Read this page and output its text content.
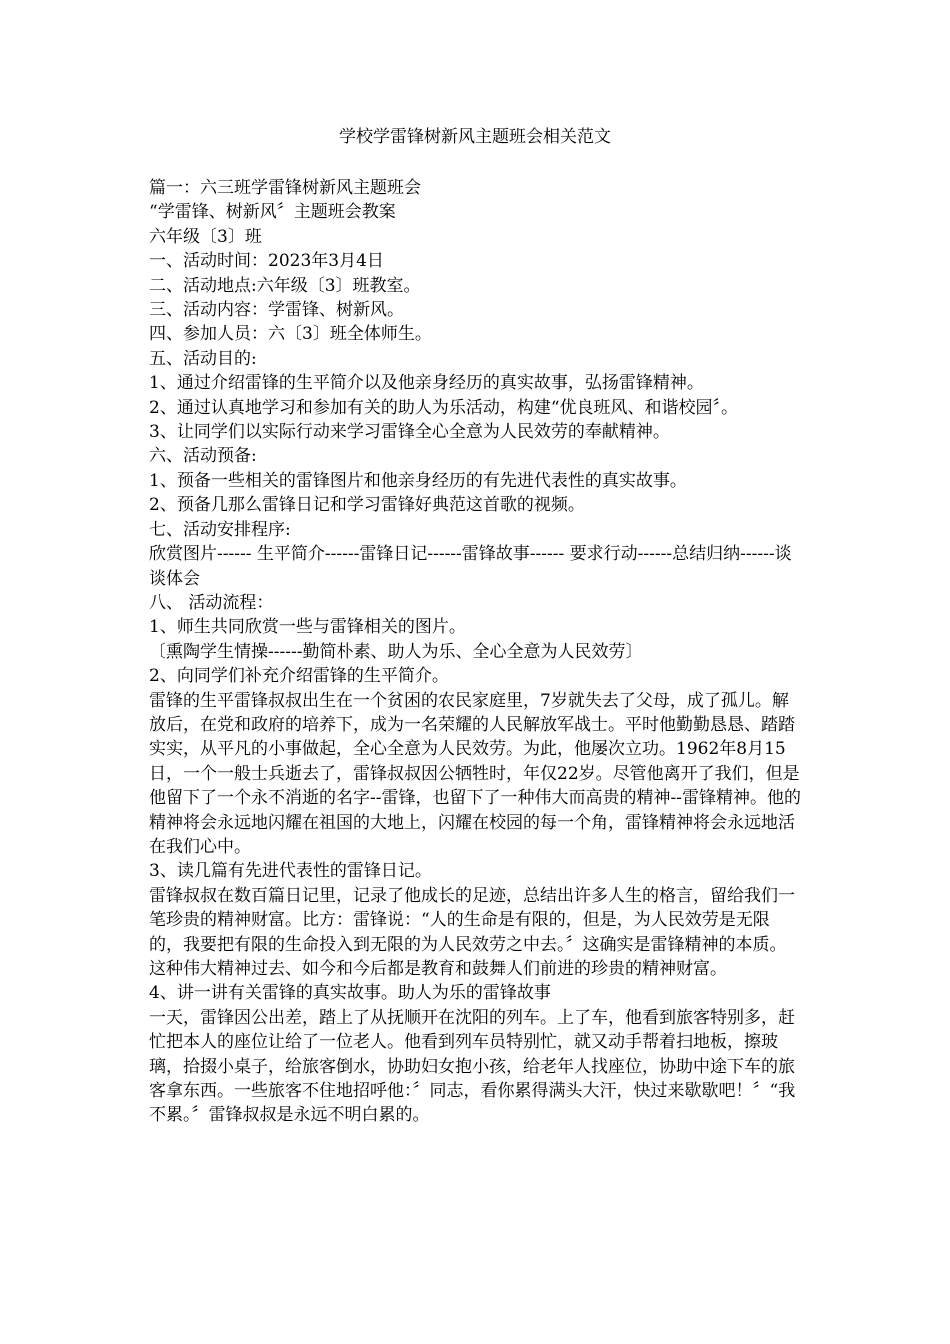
学校学雷锋树新风主题班会相关范文

篇一：六三班学雷锋树新风主题班会

“学雷锋、树新风〞主题班会教案

六年级〔3〕班

一、活动时间：2023年3月4日

二、活动地点:六年级〔3〕班教室。

三、活动内容：学雷锋、树新风。

四、参加人员：六〔3〕班全体师生。

五、活动目的:

1、通过介绍雷锋的生平简介以及他亲身经历的真实故事，弘扬雷锋精神。

2、通过认真地学习和参加有关的助人为乐活动，构建“优良班风、和谐校园〞。

3、让同学们以实际行动来学习雷锋全心全意为人民效劳的奉献精神。

六、活动预备:

1、预备一些相关的雷锋图片和他亲身经历的有先进代表性的真实故事。

2、预备几那么雷锋日记和学习雷锋好典范这首歌的视频。

七、活动安排程序:

欣赏图片------ 生平简介------雷锋日记------雷锋故事------ 要求行动------总结归纳------谈谈体会

八、 活动流程：

1、师生共同欣赏一些与雷锋相关的图片。

〔熏陶学生情操------勤简朴素、助人为乐、全心全意为人民效劳〕

2、向同学们补充介绍雷锋的生平简介。

雷锋的生平雷锋叔叔出生在一个贫困的农民家庭里，7岁就失去了父母，成了孤儿。解放后，在党和政府的培养下，成为一名荣耀的人民解放军战士。平时他勤勤恳恳、踏踏实实，从平凡的小事做起，全心全意为人民效劳。为此，他屡次立功。1962年8月15日，一个一般士兵逝去了，雷锋叔叔因公牺牲时，年仅22岁。尽管他离开了我们，但是他留下了一个永不消逝的名字--雷锋，也留下了一种伟大而高贵的精神--雷锋精神。他的精神将会永远地闪耀在祖国的大地上，闪耀在校园的每一个角，雷锋精神将会永远地活在我们心中。

3、读几篇有先进代表性的雷锋日记。

雷锋叔叔在数百篇日记里，记录了他成长的足迹，总结出许多人生的格言，留给我们一笔珍贵的精神财富。比方：雷锋说：“人的生命是有限的，但是，为人民效劳是无限的，我要把有限的生命投入到无限的为人民效劳之中去。〞这确实是雷锋精神的本质。这种伟大精神过去、如今和今后都是教育和鼓舞人们前进的珍贵的精神财富。

4、讲一讲有关雷锋的真实故事。助人为乐的雷锋故事

一天，雷锋因公出差，踏上了从抚顺开在沈阳的列车。上了车，他看到旅客特别多，赶忙把本人的座位让给了一位老人。他看到列车员特别忙，就又动手帮着扫地板，擦玻璃，拾掇小桌子，给旅客倒水，协助妇女抱小孩，给老年人找座位，协助中途下车的旅客拿东西。一些旅客不住地招呼他：〞同志，看你累得满头大汗，快过来歇歇吧！〞“我不累。〞雷锋叔叔是永远不明白累的。
